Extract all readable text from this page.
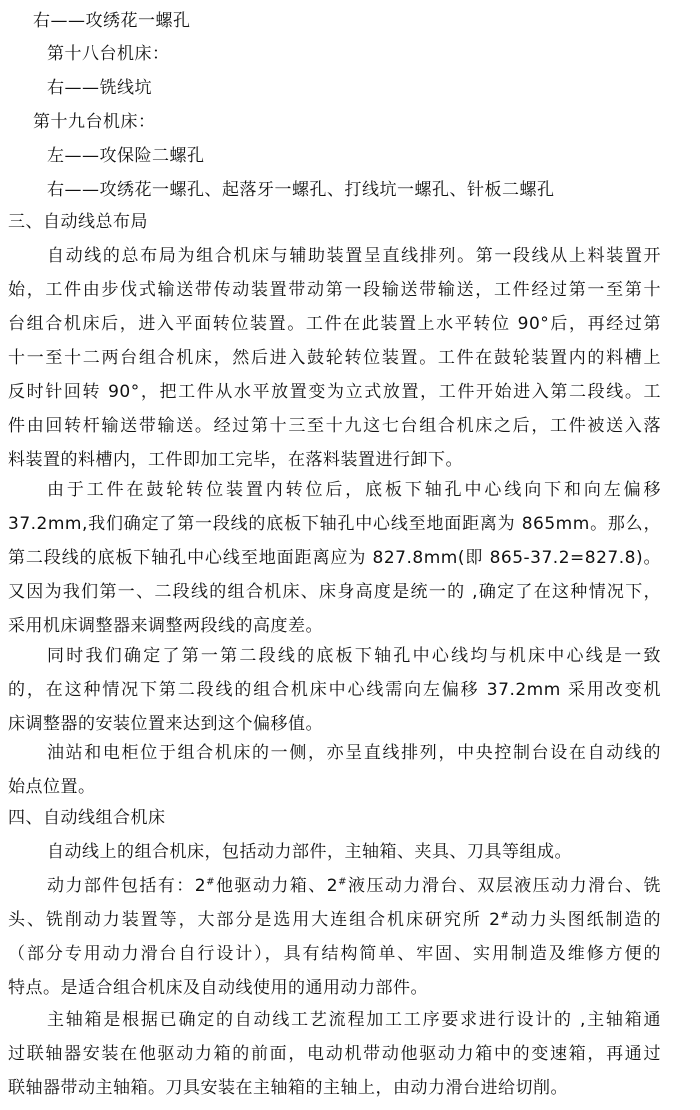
右——攻绣花一螺孔
第十八台机床：
右——铣线坑
第十九台机床：
左——攻保险二螺孔
右——攻绣花一螺孔、起落牙一螺孔、打线坑一螺孔、针板二螺孔
三、自动线总布局
自动线的总布局为组合机床与辅助装置呈直线排列。第一段线从上料装置开
始，工件由步伐式输送带传动装置带动第一段输送带输送，工件经过第一至第十
台组合机床后，进入平面转位装置。工件在此装置上水平转位 90°后，再经过第
十一至十二两台组合机床，然后进入鼓轮转位装置。工件在鼓轮装置内的料槽上
反时针回转 90°，把工件从水平放置变为立式放置，工件开始进入第二段线。工
件由回转杆输送带输送。经过第十三至十九这七台组合机床之后，工件被送入落
料装置的料槽内，工件即加工完毕，在落料装置进行卸下。
由于工件在鼓轮转位装置内转位后，底板下轴孔中心线向下和向左偏移
37.2mm,我们确定了第一段线的底板下轴孔中心线至地面距离为 865mm。那么，
第二段线的底板下轴孔中心线至地面距离应为 827.8mm(即 865-37.2=827.8)。
又因为我们第一、二段线的组合机床、床身高度是统一的 ,确定了在这种情况下，
采用机床调整器来调整两段线的高度差。
同时我们确定了第一第二段线的底板下轴孔中心线均与机床中心线是一致
的，在这种情况下第二段线的组合机床中心线需向左偏移 37.2mm 采用改变机
床调整器的安装位置来达到这个偏移值。
油站和电柜位于组合机床的一侧，亦呈直线排列，中央控制台设在自动线的
始点位置。
四、自动线组合机床
自动线上的组合机床，包括动力部件，主轴箱、夹具、刀具等组成。
动力部件包括有：2#他驱动力箱、2#液压动力滑台、双层液压动力滑台、铣
头、铣削动力装置等，大部分是选用大连组合机床研究所 2#动力头图纸制造的
（部分专用动力滑台自行设计），具有结构简单、牢固、实用制造及维修方便的
特点。是适合组合机床及自动线使用的通用动力部件。
主轴箱是根据已确定的自动线工艺流程加工工序要求进行设计的 ,主轴箱通
过联轴器安装在他驱动力箱的前面，电动机带动他驱动力箱中的变速箱，再通过
联轴器带动主轴箱。刀具安装在主轴箱的主轴上，由动力滑台进给切削。
